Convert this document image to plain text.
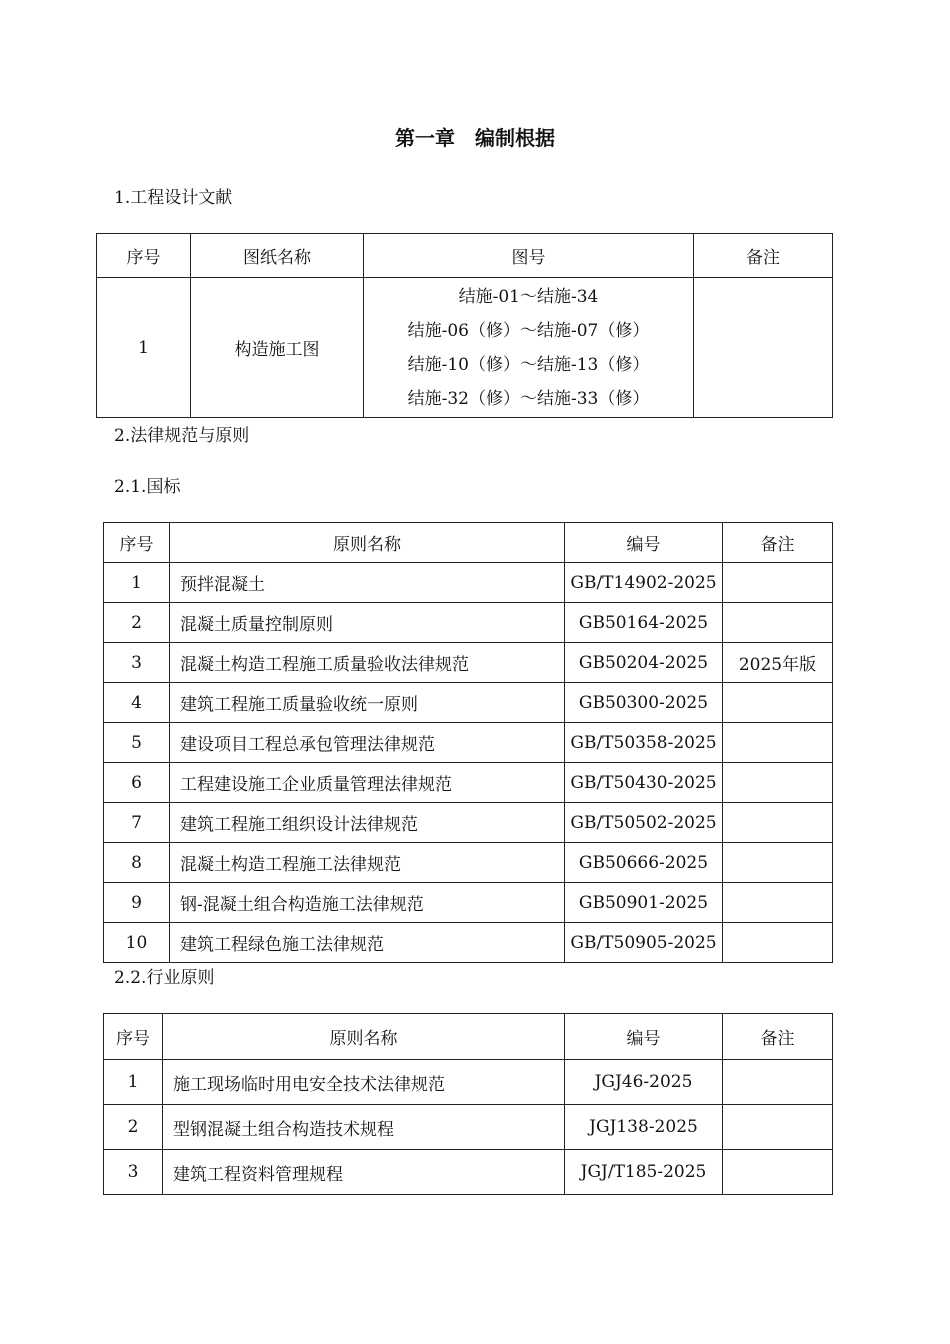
第一章　编制根据
1.工程设计文献
序号	图纸名称	图号	备注
1	构造施工图	结施-01～结施-34
结施-06（修）～结施-07（修）
结施-10（修）～结施-13（修）
结施-32（修）～结施-33（修）	

2.法律规范与原则
2.1.国标
序号	原则名称	编号	备注
1	预拌混凝土	GB/T14902-2025	
2	混凝土质量控制原则	GB50164-2025	
3	混凝土构造工程施工质量验收法律规范	GB50204-2025	2025年版
4	建筑工程施工质量验收统一原则	GB50300-2025	
5	建设项目工程总承包管理法律规范	GB/T50358-2025	
6	工程建设施工企业质量管理法律规范	GB/T50430-2025	
7	建筑工程施工组织设计法律规范	GB/T50502-2025	
8	混凝土构造工程施工法律规范	GB50666-2025	
9	钢-混凝土组合构造施工法律规范	GB50901-2025	
10	建筑工程绿色施工法律规范	GB/T50905-2025	
2.2.行业原则
序号	原则名称	编号	备注
1	施工现场临时用电安全技术法律规范	JGJ46-2025	
2	型钢混凝土组合构造技术规程	JGJ138-2025	
3	建筑工程资料管理规程	JGJ/T185-2025	
